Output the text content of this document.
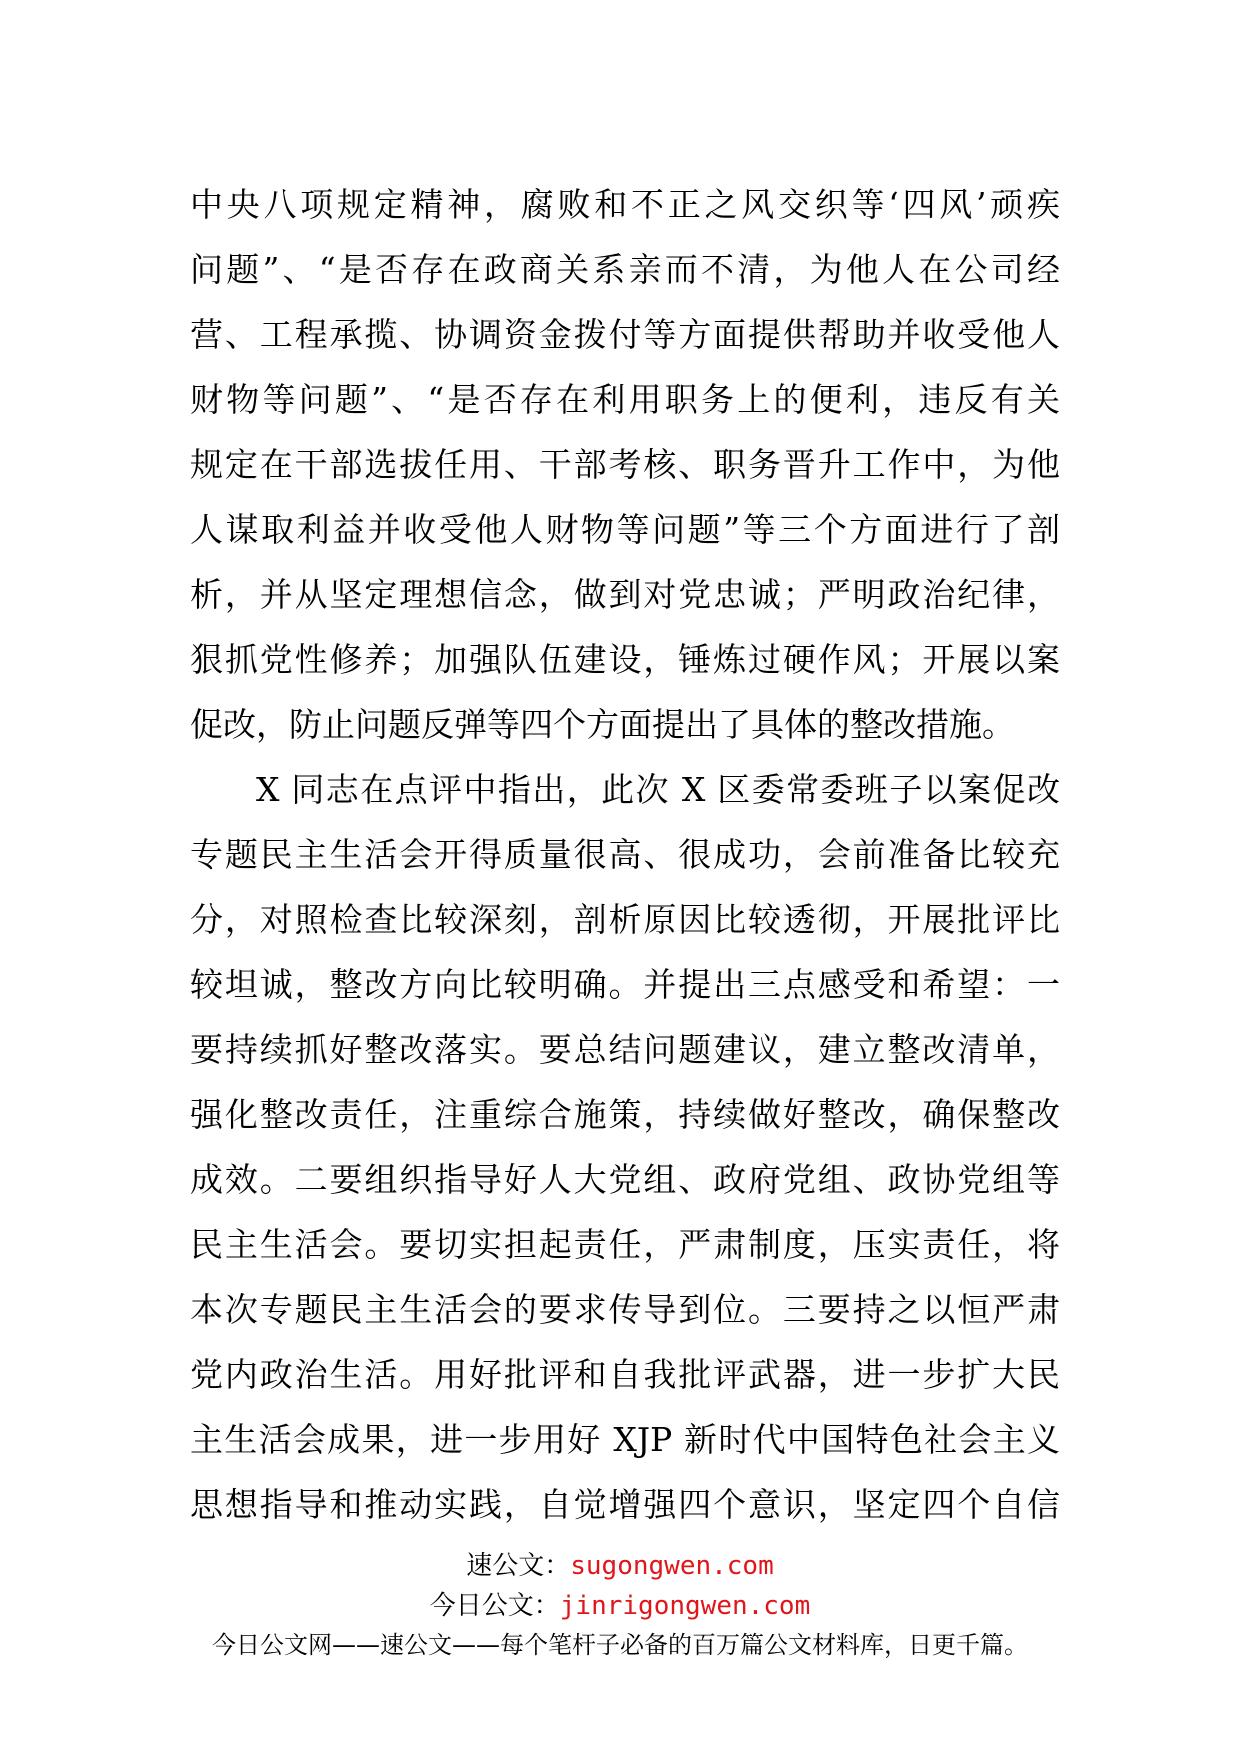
中央八项规定精神，腐败和不正之风交织等‘四风’顽疾
问题”、“是否存在政商关系亲而不清，为他人在公司经
营、工程承揽、协调资金拨付等方面提供帮助并收受他人
财物等问题”、“是否存在利用职务上的便利，违反有关
规定在干部选拔任用、干部考核、职务晋升工作中，为他
人谋取利益并收受他人财物等问题”等三个方面进行了剖
析，并从坚定理想信念，做到对党忠诚；严明政治纪律，
狠抓党性修养；加强队伍建设，锤炼过硬作风；开展以案
促改，防止问题反弹等四个方面提出了具体的整改措施。
X 同志在点评中指出，此次 X 区委常委班子以案促改
专题民主生活会开得质量很高、很成功，会前准备比较充
分，对照检查比较深刻，剖析原因比较透彻，开展批评比
较坦诚，整改方向比较明确。并提出三点感受和希望：一
要持续抓好整改落实。要总结问题建议，建立整改清单，
强化整改责任，注重综合施策，持续做好整改，确保整改
成效。二要组织指导好人大党组、政府党组、政协党组等
民主生活会。要切实担起责任，严肃制度，压实责任，将
本次专题民主生活会的要求传导到位。三要持之以恒严肃
党内政治生活。用好批评和自我批评武器，进一步扩大民
主生活会成果，进一步用好 XJP 新时代中国特色社会主义
思想指导和推动实践，自觉增强四个意识，坚定四个自信
速公文：sugongwen.com
今日公文：jinrigongwen.com
今日公文网——速公文——每个笔杆子必备的百万篇公文材料库，日更千篇。
